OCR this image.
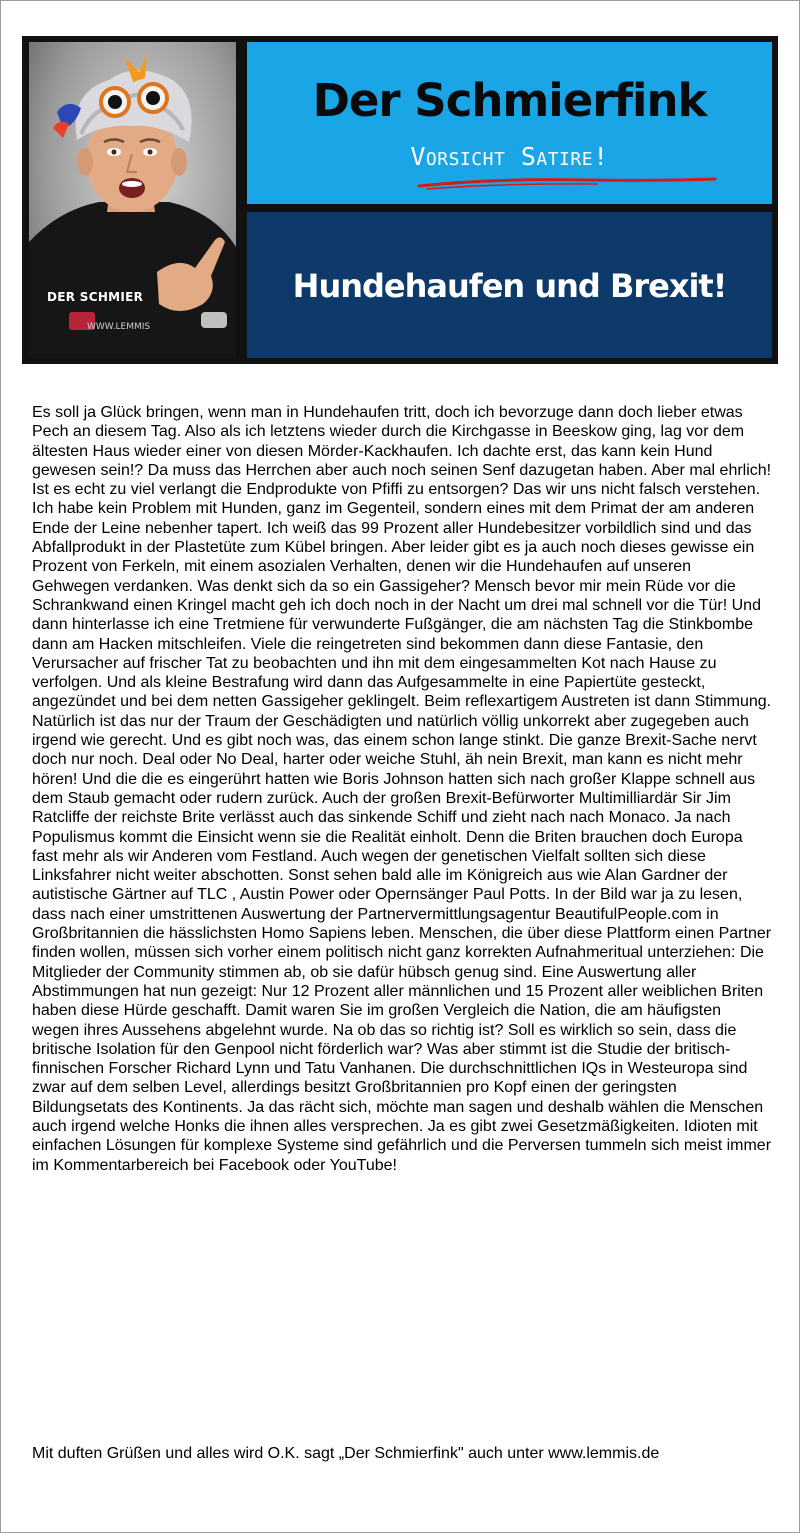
DER SCHMIER
WWW.LEMMIS
Der Schmierfink
Vorsicht Satire!
Hundehaufen und Brexit!

Es soll ja Glück bringen, wenn man in Hundehaufen tritt, doch ich bevorzuge dann doch lieber etwas Pech an diesem Tag. Also als ich letztens wieder durch die Kirchgasse in Beeskow ging, lag vor dem ältesten Haus wieder einer von diesen Mörder-Kackhaufen. Ich dachte erst, das kann kein Hund gewesen sein!? Da muss das Herrchen aber auch noch seinen Senf dazugetan haben. Aber mal ehrlich! Ist es echt zu viel verlangt die Endprodukte von Pfiffi zu entsorgen? Das wir uns nicht falsch verstehen. Ich habe kein Problem mit Hunden, ganz im Gegenteil, sondern eines mit dem Primat der am anderen Ende der Leine nebenher tapert. Ich weiß das 99 Prozent aller Hundebesitzer vorbildlich sind und das Abfallprodukt in der Plastetüte zum Kübel bringen. Aber leider gibt es ja auch noch dieses gewisse ein Prozent von Ferkeln, mit einem asozialen Verhalten, denen wir die Hundehaufen auf unseren Gehwegen verdanken. Was denkt sich da so ein Gassigeher? Mensch bevor mir mein Rüde vor die Schrankwand einen Kringel macht geh ich doch noch in der Nacht um drei mal schnell vor die Tür! Und dann hinterlasse ich eine Tretmiene für verwunderte Fußgänger, die am nächsten Tag die Stinkbombe dann am Hacken mitschleifen. Viele die reingetreten sind bekommen dann diese Fantasie, den Verursacher auf frischer Tat zu beobachten und ihn mit dem eingesammelten Kot nach Hause zu verfolgen. Und als kleine Bestrafung wird dann das Aufgesammelte in eine Papiertüte gesteckt, angezündet und bei dem netten Gassigeher geklingelt. Beim reflexartigem Austreten ist dann Stimmung. Natürlich ist das nur der Traum der Geschädigten und natürlich völlig unkorrekt aber zugegeben auch irgend wie gerecht. Und es gibt noch was, das einem schon lange stinkt. Die ganze Brexit-Sache nervt doch nur noch. Deal oder No Deal, harter oder weiche Stuhl, äh nein Brexit, man kann es nicht mehr hören! Und die die es eingerührt hatten wie Boris Johnson hatten sich nach großer Klappe schnell aus dem Staub gemacht oder rudern zurück. Auch der großen Brexit-Befürworter Multimilliardär Sir Jim Ratcliffe der reichste Brite verlässt auch das sinkende Schiff und zieht nach nach Monaco. Ja nach Populismus kommt die Einsicht wenn sie die Realität einholt. Denn die Briten brauchen doch Europa fast mehr als wir Anderen vom Festland. Auch wegen der genetischen Vielfalt sollten sich diese Linksfahrer nicht weiter abschotten. Sonst sehen bald alle im Königreich aus wie Alan Gardner der autistische Gärtner auf TLC , Austin Power oder Opernsänger Paul Potts. In der Bild war ja zu lesen, dass nach einer umstrittenen Auswertung der Partnervermittlungsagentur BeautifulPeople.com in Großbritannien die hässlichsten Homo Sapiens leben. Menschen, die über diese Plattform einen Partner finden wollen, müssen sich vorher einem politisch nicht ganz korrekten Aufnahmeritual unterziehen: Die Mitglieder der Community stimmen ab, ob sie dafür hübsch genug sind. Eine Auswertung aller Abstimmungen hat nun gezeigt: Nur 12 Prozent aller männlichen und 15 Prozent aller weiblichen Briten haben diese Hürde geschafft. Damit waren Sie im großen Vergleich die Nation, die am häufigsten wegen ihres Aussehens abgelehnt wurde. Na ob das so richtig ist? Soll es wirklich so sein, dass die britische Isolation für den Genpool nicht förderlich war? Was aber stimmt ist die Studie der britisch-finnischen Forscher Richard Lynn und Tatu Vanhanen. Die durchschnittlichen IQs in Westeuropa sind zwar auf dem selben Level, allerdings besitzt Großbritannien pro Kopf einen der geringsten Bildungsetats des Kontinents. Ja das rächt sich, möchte man sagen und deshalb wählen die Menschen auch irgend welche Honks die ihnen alles versprechen. Ja es gibt zwei Gesetzmäßigkeiten. Idioten mit einfachen Lösungen für komplexe Systeme sind gefährlich und die Perversen tummeln sich meist immer im Kommentarbereich bei Facebook oder YouTube!

Mit duften Grüßen und alles wird O.K. sagt „Der Schmierfink" auch unter www.lemmis.de
